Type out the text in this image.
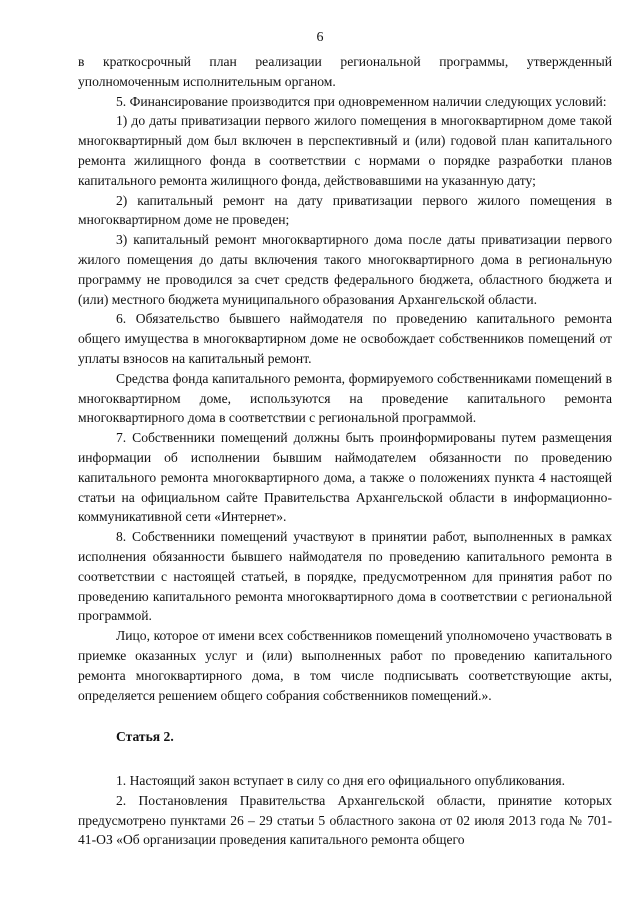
6

в краткосрочный план реализации региональной программы, утвержденный уполномоченным исполнительным органом.

5. Финансирование производится при одновременном наличии следующих условий:

1) до даты приватизации первого жилого помещения в многоквартирном доме такой многоквартирный дом был включен в перспективный и (или) годовой план капитального ремонта жилищного фонда в соответствии с нормами о порядке разработки планов капитального ремонта жилищного фонда, действовавшими на указанную дату;

2) капитальный ремонт на дату приватизации первого жилого помещения в многоквартирном доме не проведен;

3) капитальный ремонт многоквартирного дома после даты приватизации первого жилого помещения до даты включения такого многоквартирного дома в региональную программу не проводился за счет средств федерального бюджета, областного бюджета и (или) местного бюджета муниципального образования Архангельской области.

6. Обязательство бывшего наймодателя по проведению капитального ремонта общего имущества в многоквартирном доме не освобождает собственников помещений от уплаты взносов на капитальный ремонт.

Средства фонда капитального ремонта, формируемого собственниками помещений в многоквартирном доме, используются на проведение капитального ремонта многоквартирного дома в соответствии с региональной программой.

7. Собственники помещений должны быть проинформированы путем размещения информации об исполнении бывшим наймодателем обязанности по проведению капитального ремонта многоквартирного дома, а также о положениях пункта 4 настоящей статьи на официальном сайте Правительства Архангельской области в информационно-коммуникативной сети «Интернет».

8. Собственники помещений участвуют в принятии работ, выполненных в рамках исполнения обязанности бывшего наймодателя по проведению капитального ремонта в соответствии с настоящей статьей, в порядке, предусмотренном для принятия работ по проведению капитального ремонта многоквартирного дома в соответствии с региональной программой.

Лицо, которое от имени всех собственников помещений уполномочено участвовать в приемке оказанных услуг и (или) выполненных работ по проведению капитального ремонта многоквартирного дома, в том числе подписывать соответствующие акты, определяется решением общего собрания собственников помещений.».

Статья 2.

1. Настоящий закон вступает в силу со дня его официального опубликования.

2. Постановления Правительства Архангельской области, принятие которых предусмотрено пунктами 26 – 29 статьи 5 областного закона от 02 июля 2013 года № 701-41-ОЗ «Об организации проведения капитального ремонта общего
